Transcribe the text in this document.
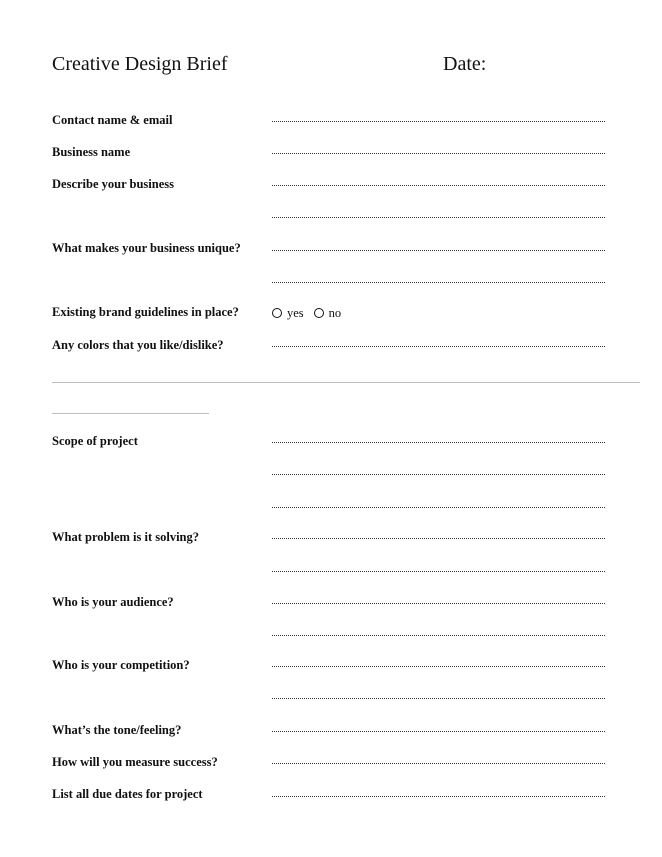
Creative Design Brief	Date:
Contact name & email
Business name
Describe your business
What makes your business unique?
Existing brand guidelines in place?	yes no
Any colors that you like/dislike?
Scope of project
What problem is it solving?
Who is your audience?
Who is your competition?
What’s the tone/feeling?
How will you measure success?
List all due dates for project
